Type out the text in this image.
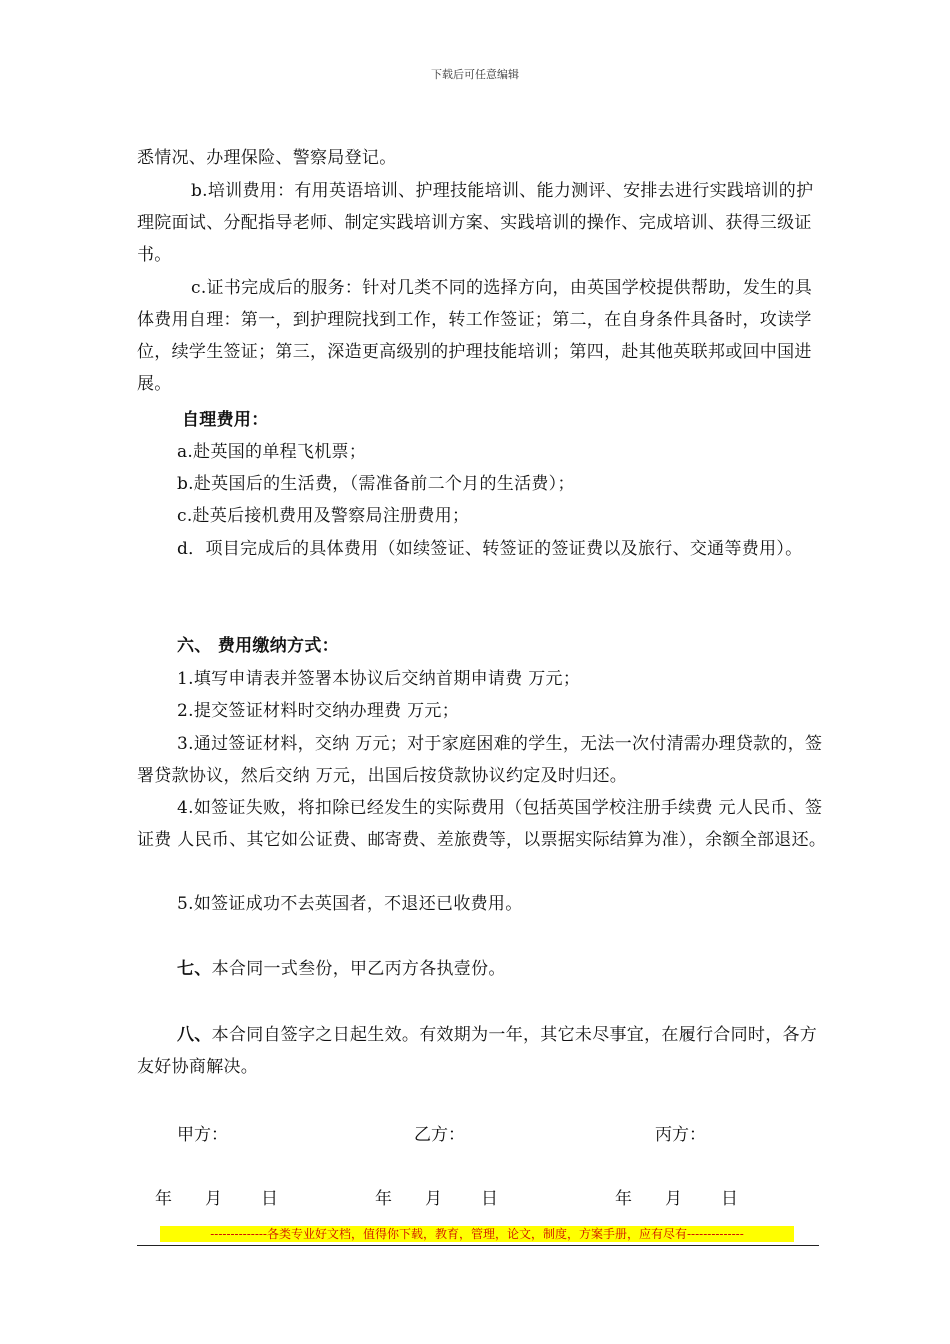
下载后可任意编辑
悉情况、办理保险、警察局登记。
b.培训费用：有用英语培训、护理技能培训、能力测评、安排去进行实践培训的护理院面试、分配指导老师、制定实践培训方案、实践培训的操作、完成培训、获得三级证书。
c.证书完成后的服务：针对几类不同的选择方向，由英国学校提供帮助，发生的具体费用自理：第一，到护理院找到工作，转工作签证；第二，在自身条件具备时，攻读学位，续学生签证；第三，深造更高级别的护理技能培训；第四，赴其他英联邦或回中国进展。
自理费用：
a.赴英国的单程飞机票；
b.赴英国后的生活费，（需准备前二个月的生活费）；
c.赴英后接机费用及警察局注册费用；
d．项目完成后的具体费用（如续签证、转签证的签证费以及旅行、交通等费用）。
六、 费用缴纳方式：
1.填写申请表并签署本协议后交纳首期申请费 万元；
2.提交签证材料时交纳办理费 万元；
3.通过签证材料，交纳 万元；对于家庭困难的学生，无法一次付清需办理贷款的，签署贷款协议，然后交纳 万元，出国后按贷款协议约定及时归还。
4.如签证失败，将扣除已经发生的实际费用（包括英国学校注册手续费 元人民币、签证费 人民币、其它如公证费、邮寄费、差旅费等，以票据实际结算为准），余额全部退还。
5.如签证成功不去英国者，不退还已收费用。
七、本合同一式叁份，甲乙丙方各执壹份。
八、本合同自签字之日起生效。有效期为一年，其它未尽事宜，在履行合同时，各方友好协商解决。
甲方：	乙方：	丙方：
年 月 日	年 月 日	年 月 日
--------------各类专业好文档，值得你下载，教育，管理，论文，制度，方案手册，应有尽有--------------
